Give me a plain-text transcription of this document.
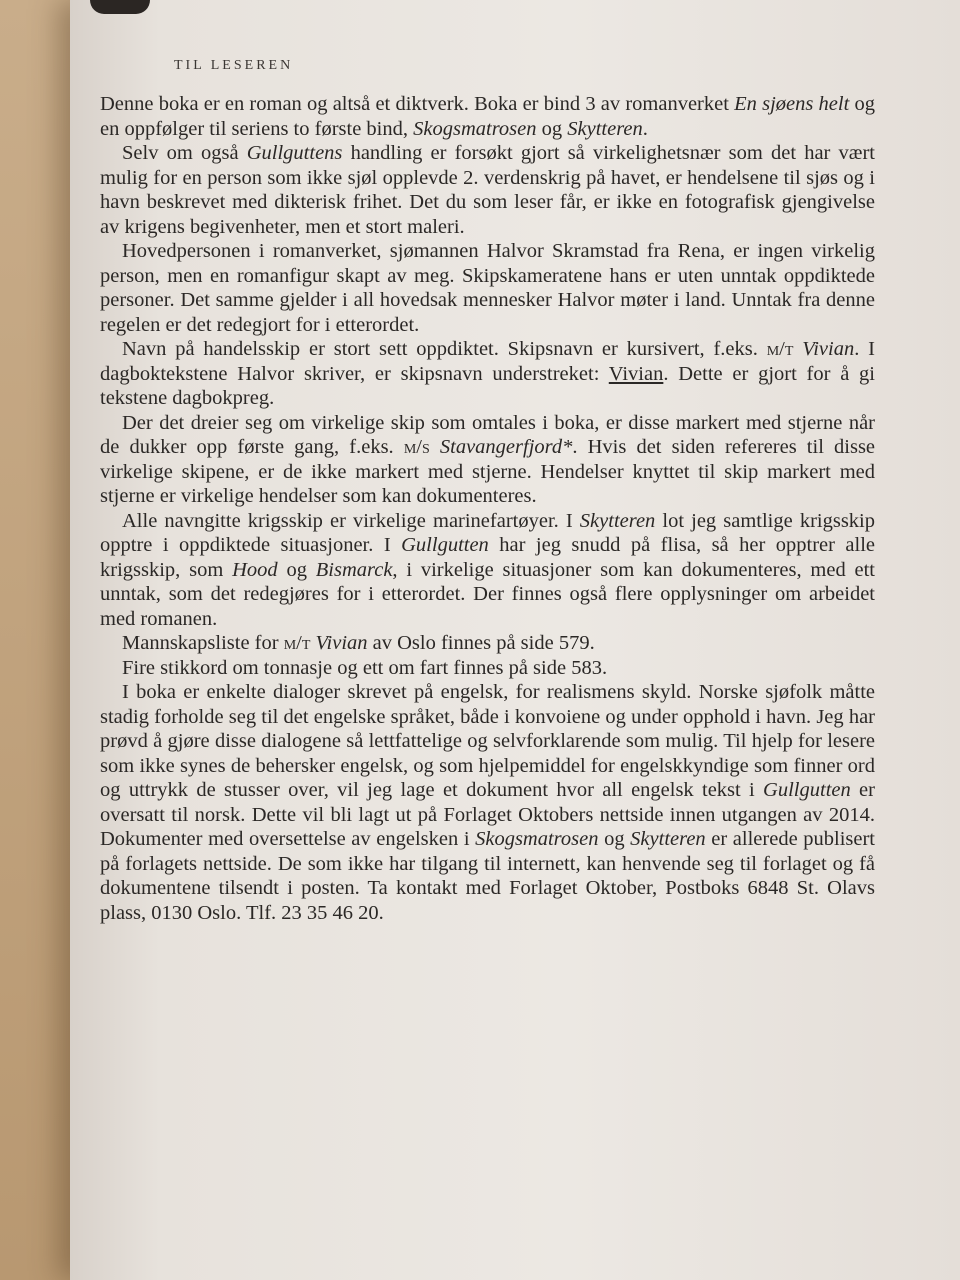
TIL LESEREN

Denne boka er en roman og altså et diktverk. Boka er bind 3 av romanverket En sjøens helt og en oppfølger til seriens to første bind, Skogsmatrosen og Skytteren.

Selv om også Gullguttens handling er forsøkt gjort så virkelighetsnær som det har vært mulig for en person som ikke sjøl opplevde 2. verdenskrig på havet, er hendelsene til sjøs og i havn beskrevet med dikterisk frihet. Det du som leser får, er ikke en fotografisk gjengivelse av krigens begivenheter, men et stort maleri.

Hovedpersonen i romanverket, sjømannen Halvor Skramstad fra Rena, er ingen virkelig person, men en romanfigur skapt av meg. Skipskameratene hans er uten unntak oppdiktede personer. Det samme gjelder i all hovedsak mennesker Halvor møter i land. Unntak fra denne regelen er det redegjort for i etterordet.

Navn på handelsskip er stort sett oppdiktet. Skipsnavn er kursivert, f.eks. m/t Vivian. I dagboktekstene Halvor skriver, er skipsnavn understreket: Vivian. Dette er gjort for å gi tekstene dagbokpreg.

Der det dreier seg om virkelige skip som omtales i boka, er disse markert med stjerne når de dukker opp første gang, f.eks. m/s Stavangerfjord*. Hvis det siden refereres til disse virkelige skipene, er de ikke markert med stjerne. Hendelser knyttet til skip markert med stjerne er virkelige hendelser som kan dokumenteres.

Alle navngitte krigsskip er virkelige marinefartøyer. I Skytteren lot jeg samtlige krigsskip opptre i oppdiktede situasjoner. I Gullgutten har jeg snudd på flisa, så her opptrer alle krigsskip, som Hood og Bismarck, i virkelige situasjoner som kan dokumenteres, med ett unntak, som det redegjøres for i etterordet. Der finnes også flere opplysninger om arbeidet med romanen.

Mannskapsliste for m/t Vivian av Oslo finnes på side 579.

Fire stikkord om tonnasje og ett om fart finnes på side 583.

I boka er enkelte dialoger skrevet på engelsk, for realismens skyld. Norske sjøfolk måtte stadig forholde seg til det engelske språket, både i konvoiene og under opphold i havn. Jeg har prøvd å gjøre disse dialogene så lettfattelige og selvforklarende som mulig. Til hjelp for lesere som ikke synes de behersker engelsk, og som hjelpemiddel for engelskkyndige som finner ord og uttrykk de stusser over, vil jeg lage et dokument hvor all engelsk tekst i Gullgutten er oversatt til norsk. Dette vil bli lagt ut på Forlaget Oktobers nettside innen utgangen av 2014. Dokumenter med oversettelse av engelsken i Skogsmatrosen og Skytteren er allerede publisert på forlagets nettside. De som ikke har tilgang til internett, kan henvende seg til forlaget og få dokumentene tilsendt i posten. Ta kontakt med Forlaget Oktober, Postboks 6848 St. Olavs plass, 0130 Oslo. Tlf. 23 35 46 20.
